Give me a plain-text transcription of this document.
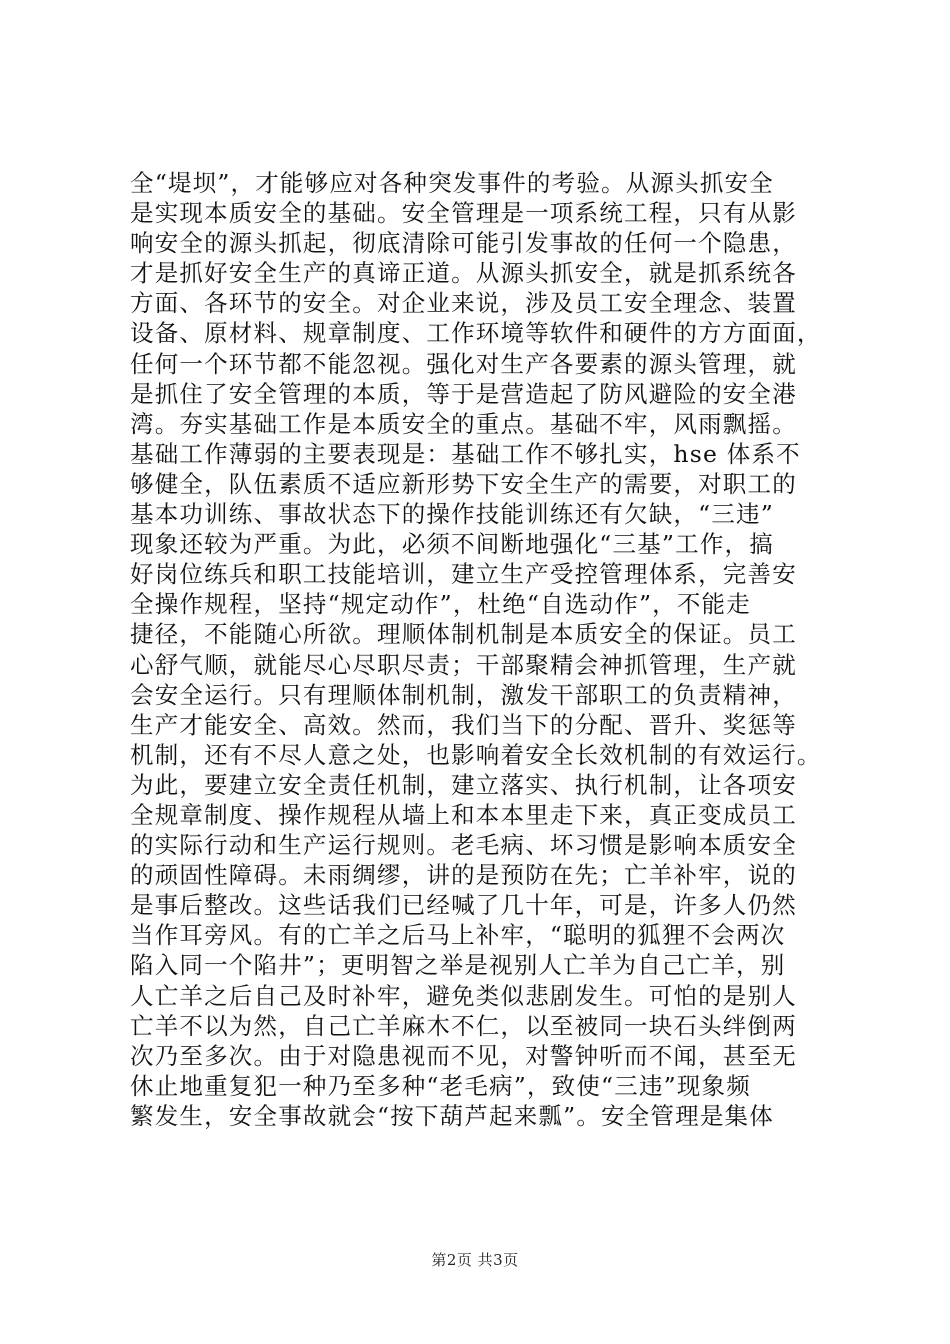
全“堤坝”，才能够应对各种突发事件的考验。从源头抓安全
是实现本质安全的基础。安全管理是一项系统工程，只有从影
响安全的源头抓起，彻底清除可能引发事故的任何一个隐患，
才是抓好安全生产的真谛正道。从源头抓安全，就是抓系统各
方面、各环节的安全。对企业来说，涉及员工安全理念、装置
设备、原材料、规章制度、工作环境等软件和硬件的方方面面，
任何一个环节都不能忽视。强化对生产各要素的源头管理，就
是抓住了安全管理的本质，等于是营造起了防风避险的安全港
湾。夯实基础工作是本质安全的重点。基础不牢，风雨飘摇。
基础工作薄弱的主要表现是：基础工作不够扎实，hse 体系不
够健全，队伍素质不适应新形势下安全生产的需要，对职工的
基本功训练、事故状态下的操作技能训练还有欠缺，“三违”
现象还较为严重。为此，必须不间断地强化“三基”工作，搞
好岗位练兵和职工技能培训，建立生产受控管理体系，完善安
全操作规程，坚持“规定动作”，杜绝“自选动作”，不能走
捷径，不能随心所欲。理顺体制机制是本质安全的保证。员工
心舒气顺，就能尽心尽职尽责；干部聚精会神抓管理，生产就
会安全运行。只有理顺体制机制，激发干部职工的负责精神，
生产才能安全、高效。然而，我们当下的分配、晋升、奖惩等
机制，还有不尽人意之处，也影响着安全长效机制的有效运行。
为此，要建立安全责任机制，建立落实、执行机制，让各项安
全规章制度、操作规程从墙上和本本里走下来，真正变成员工
的实际行动和生产运行规则。老毛病、坏习惯是影响本质安全
的顽固性障碍。未雨绸缪，讲的是预防在先；亡羊补牢，说的
是事后整改。这些话我们已经喊了几十年，可是，许多人仍然
当作耳旁风。有的亡羊之后马上补牢，“聪明的狐狸不会两次
陷入同一个陷井”；更明智之举是视别人亡羊为自己亡羊，别
人亡羊之后自己及时补牢，避免类似悲剧发生。可怕的是别人
亡羊不以为然，自己亡羊麻木不仁，以至被同一块石头绊倒两
次乃至多次。由于对隐患视而不见，对警钟听而不闻，甚至无
休止地重复犯一种乃至多种“老毛病”，致使“三违”现象频
繁发生，安全事故就会“按下葫芦起来瓢”。安全管理是集体
第2页 共3页
